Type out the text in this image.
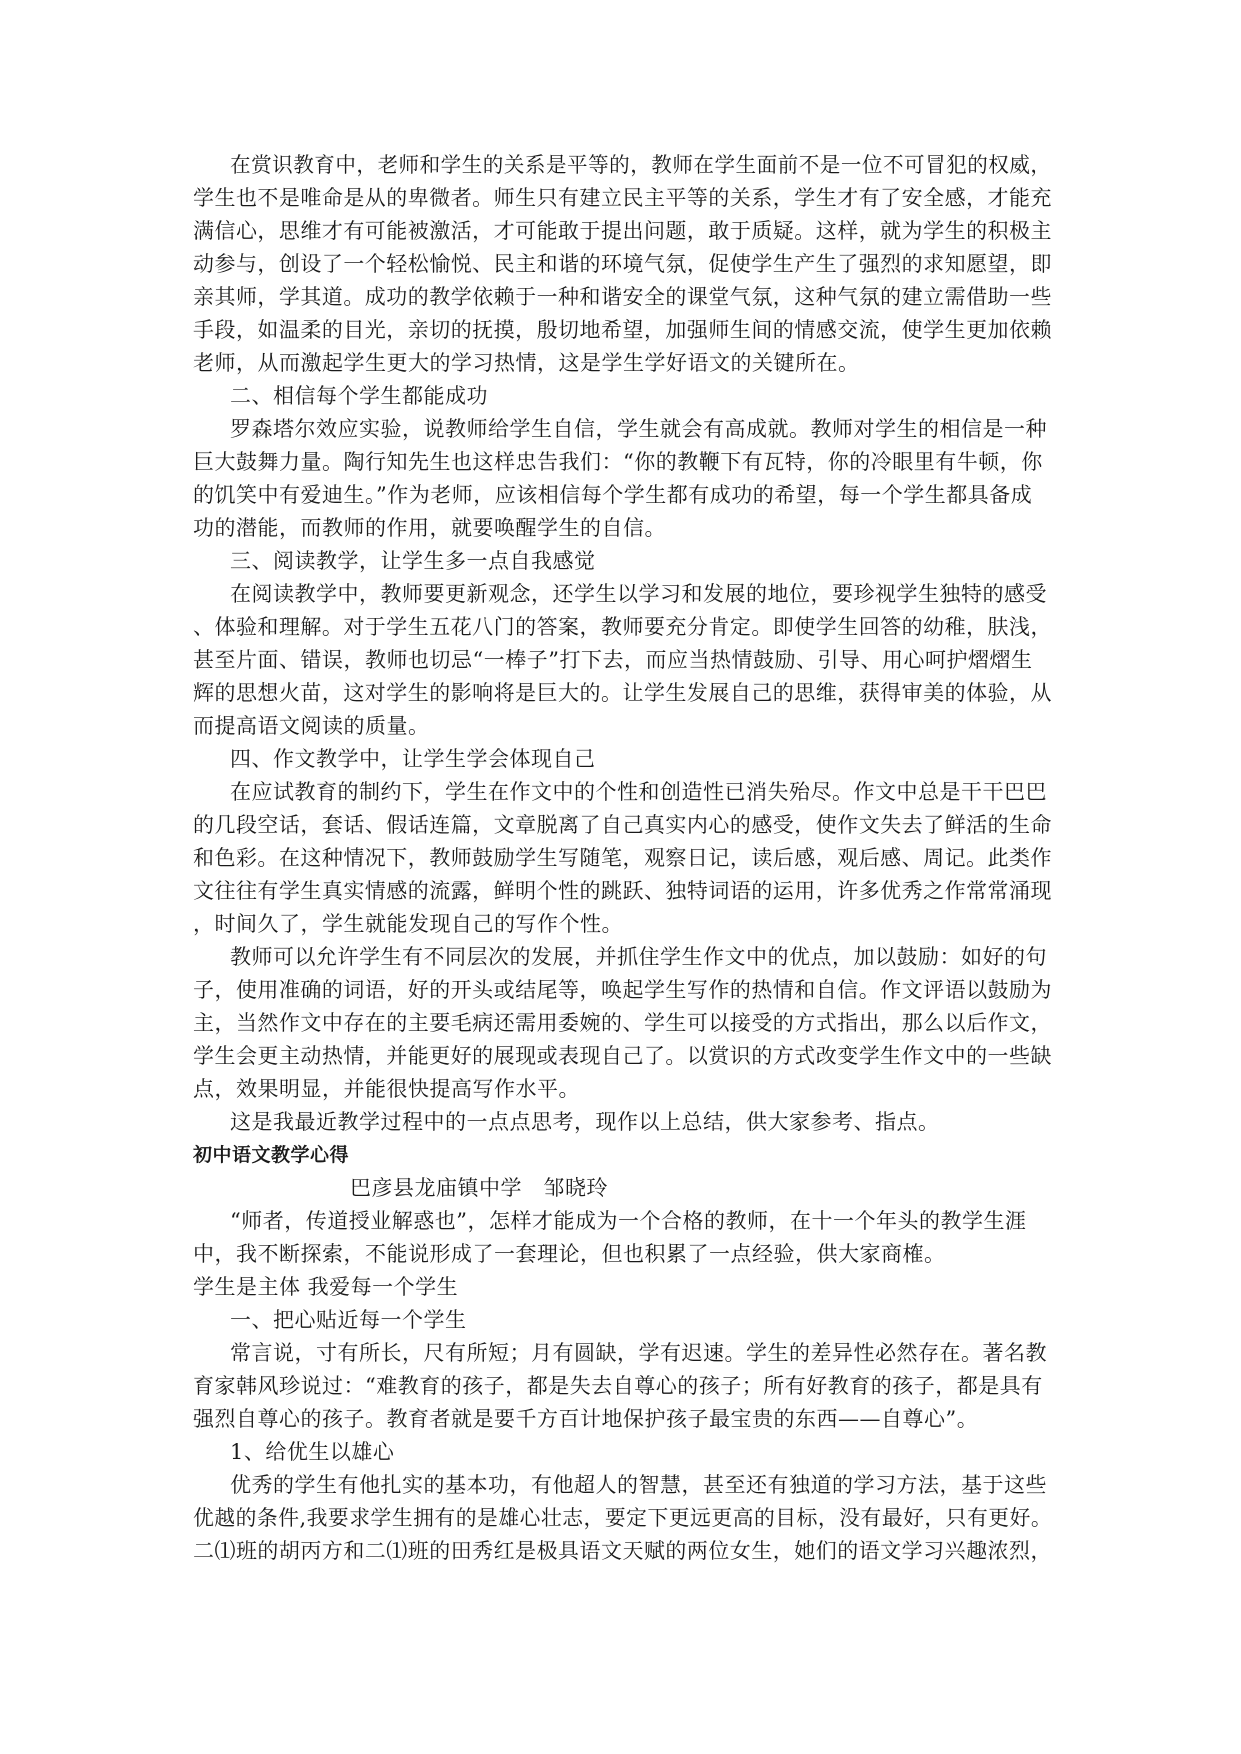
在赏识教育中，老师和学生的关系是平等的，教师在学生面前不是一位不可冒犯的权威，
学生也不是唯命是从的卑微者。师生只有建立民主平等的关系，学生才有了安全感，才能充
满信心，思维才有可能被激活，才可能敢于提出问题，敢于质疑。这样，就为学生的积极主
动参与，创设了一个轻松愉悦、民主和谐的环境气氛，促使学生产生了强烈的求知愿望，即
亲其师，学其道。成功的教学依赖于一种和谐安全的课堂气氛，这种气氛的建立需借助一些
手段，如温柔的目光，亲切的抚摸，殷切地希望，加强师生间的情感交流，使学生更加依赖
老师，从而激起学生更大的学习热情，这是学生学好语文的关键所在。
二、相信每个学生都能成功
罗森塔尔效应实验，说教师给学生自信，学生就会有高成就。教师对学生的相信是一种
巨大鼓舞力量。陶行知先生也这样忠告我们：“你的教鞭下有瓦特，你的冷眼里有牛顿，你
的饥笑中有爱迪生。”作为老师，应该相信每个学生都有成功的希望，每一个学生都具备成
功的潜能，而教师的作用，就要唤醒学生的自信。
三、阅读教学，让学生多一点自我感觉
在阅读教学中，教师要更新观念，还学生以学习和发展的地位，要珍视学生独特的感受
、体验和理解。对于学生五花八门的答案，教师要充分肯定。即使学生回答的幼稚，肤浅，
甚至片面、错误，教师也切忌“一棒子”打下去，而应当热情鼓励、引导、用心呵护熠熠生
辉的思想火苗，这对学生的影响将是巨大的。让学生发展自己的思维，获得审美的体验，从
而提高语文阅读的质量。
四、作文教学中，让学生学会体现自己
在应试教育的制约下，学生在作文中的个性和创造性已消失殆尽。作文中总是干干巴巴
的几段空话，套话、假话连篇，文章脱离了自己真实内心的感受，使作文失去了鲜活的生命
和色彩。在这种情况下，教师鼓励学生写随笔，观察日记，读后感，观后感、周记。此类作
文往往有学生真实情感的流露，鲜明个性的跳跃、独特词语的运用，许多优秀之作常常涌现
，时间久了，学生就能发现自己的写作个性。
教师可以允许学生有不同层次的发展，并抓住学生作文中的优点，加以鼓励：如好的句
子，使用准确的词语，好的开头或结尾等，唤起学生写作的热情和自信。作文评语以鼓励为
主，当然作文中存在的主要毛病还需用委婉的、学生可以接受的方式指出，那么以后作文，
学生会更主动热情，并能更好的展现或表现自己了。以赏识的方式改变学生作文中的一些缺
点，效果明显，并能很快提高写作水平。
这是我最近教学过程中的一点点思考，现作以上总结，供大家参考、指点。
初中语文教学心得
巴彦县龙庙镇中学　邹晓玲
“师者，传道授业解惑也”，怎样才能成为一个合格的教师，在十一个年头的教学生涯
中，我不断探索，不能说形成了一套理论，但也积累了一点经验，供大家商榷。
学生是主体 我爱每一个学生
一、把心贴近每一个学生
常言说，寸有所长，尺有所短；月有圆缺，学有迟速。学生的差异性必然存在。著名教
育家韩风珍说过：“难教育的孩子，都是失去自尊心的孩子；所有好教育的孩子，都是具有
强烈自尊心的孩子。教育者就是要千方百计地保护孩子最宝贵的东西——自尊心”。
1、给优生以雄心
优秀的学生有他扎实的基本功，有他超人的智慧，甚至还有独道的学习方法，基于这些
优越的条件,我要求学生拥有的是雄心壮志，要定下更远更高的目标，没有最好，只有更好。
二⑴班的胡丙方和二⑴班的田秀红是极具语文天赋的两位女生，她们的语文学习兴趣浓烈，
